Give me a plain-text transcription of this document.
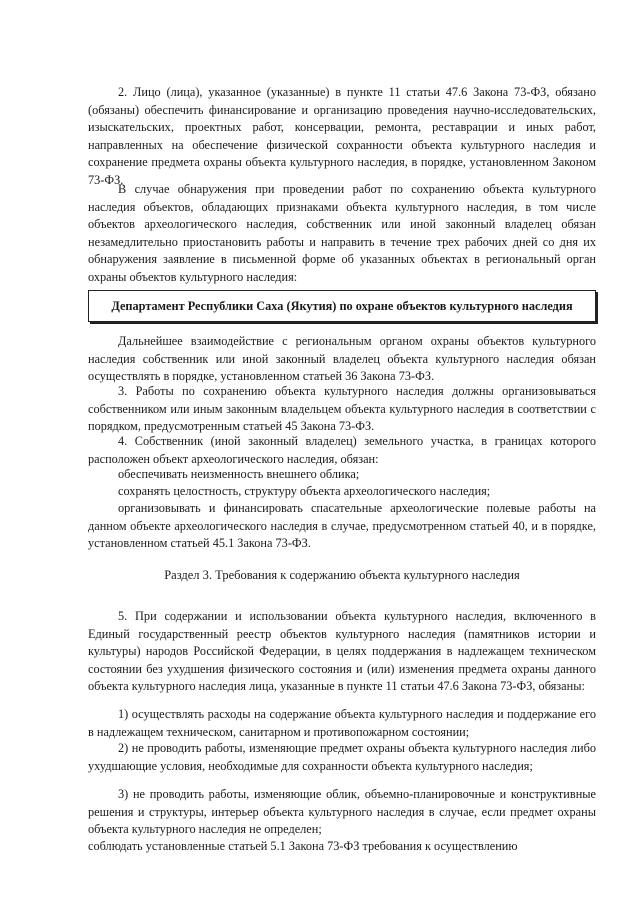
2. Лицо (лица), указанное (указанные) в пункте 11 статьи 47.6 Закона 73-ФЗ, обязано (обязаны) обеспечить финансирование и организацию проведения научно-исследовательских, изыскательских, проектных работ, консервации, ремонта, реставрации и иных работ, направленных на обеспечение физической сохранности объекта культурного наследия и сохранение предмета охраны объекта культурного наследия, в порядке, установленном Законом 73-ФЗ.

В случае обнаружения при проведении работ по сохранению объекта культурного наследия объектов, обладающих признаками объекта культурного наследия, в том числе объектов археологического наследия, собственник или иной законный владелец обязан незамедлительно приостановить работы и направить в течение трех рабочих дней со дня их обнаружения заявление в письменной форме об указанных объектах в региональный орган охраны объектов культурного наследия:

Департамент Республики Саха (Якутия) по охране объектов культурного наследия

Дальнейшее взаимодействие с региональным органом охраны объектов культурного наследия собственник или иной законный владелец объекта культурного наследия обязан осуществлять в порядке, установленном статьей 36 Закона 73-ФЗ.

3. Работы по сохранению объекта культурного наследия должны организовываться собственником или иным законным владельцем объекта культурного наследия в соответствии с порядком, предусмотренным статьей 45 Закона 73-ФЗ.

4. Собственник (иной законный владелец) земельного участка, в границах которого расположен объект археологического наследия, обязан:

обеспечивать неизменность внешнего облика;

сохранять целостность, структуру объекта археологического наследия;

организовывать и финансировать спасательные археологические полевые работы на данном объекте археологического наследия в случае, предусмотренном статьей 40, и в порядке, установленном статьей 45.1 Закона 73-ФЗ.

Раздел 3. Требования к содержанию объекта культурного наследия

5. При содержании и использовании объекта культурного наследия, включенного в Единый государственный реестр объектов культурного наследия (памятников истории и культуры) народов Российской Федерации, в целях поддержания в надлежащем техническом состоянии без ухудшения физического состояния и (или) изменения предмета охраны данного объекта культурного наследия лица, указанные в пункте 11 статьи 47.6 Закона 73-ФЗ, обязаны:

1) осуществлять расходы на содержание объекта культурного наследия и поддержание его в надлежащем техническом, санитарном и противопожарном состоянии;

2) не проводить работы, изменяющие предмет охраны объекта культурного наследия либо ухудшающие условия, необходимые для сохранности объекта культурного наследия;

3) не проводить работы, изменяющие облик, объемно-планировочные и конструктивные решения и структуры, интерьер объекта культурного наследия в случае, если предмет охраны объекта культурного наследия не определен;

соблюдать установленные статьей 5.1 Закона 73-ФЗ требования к осуществлению
